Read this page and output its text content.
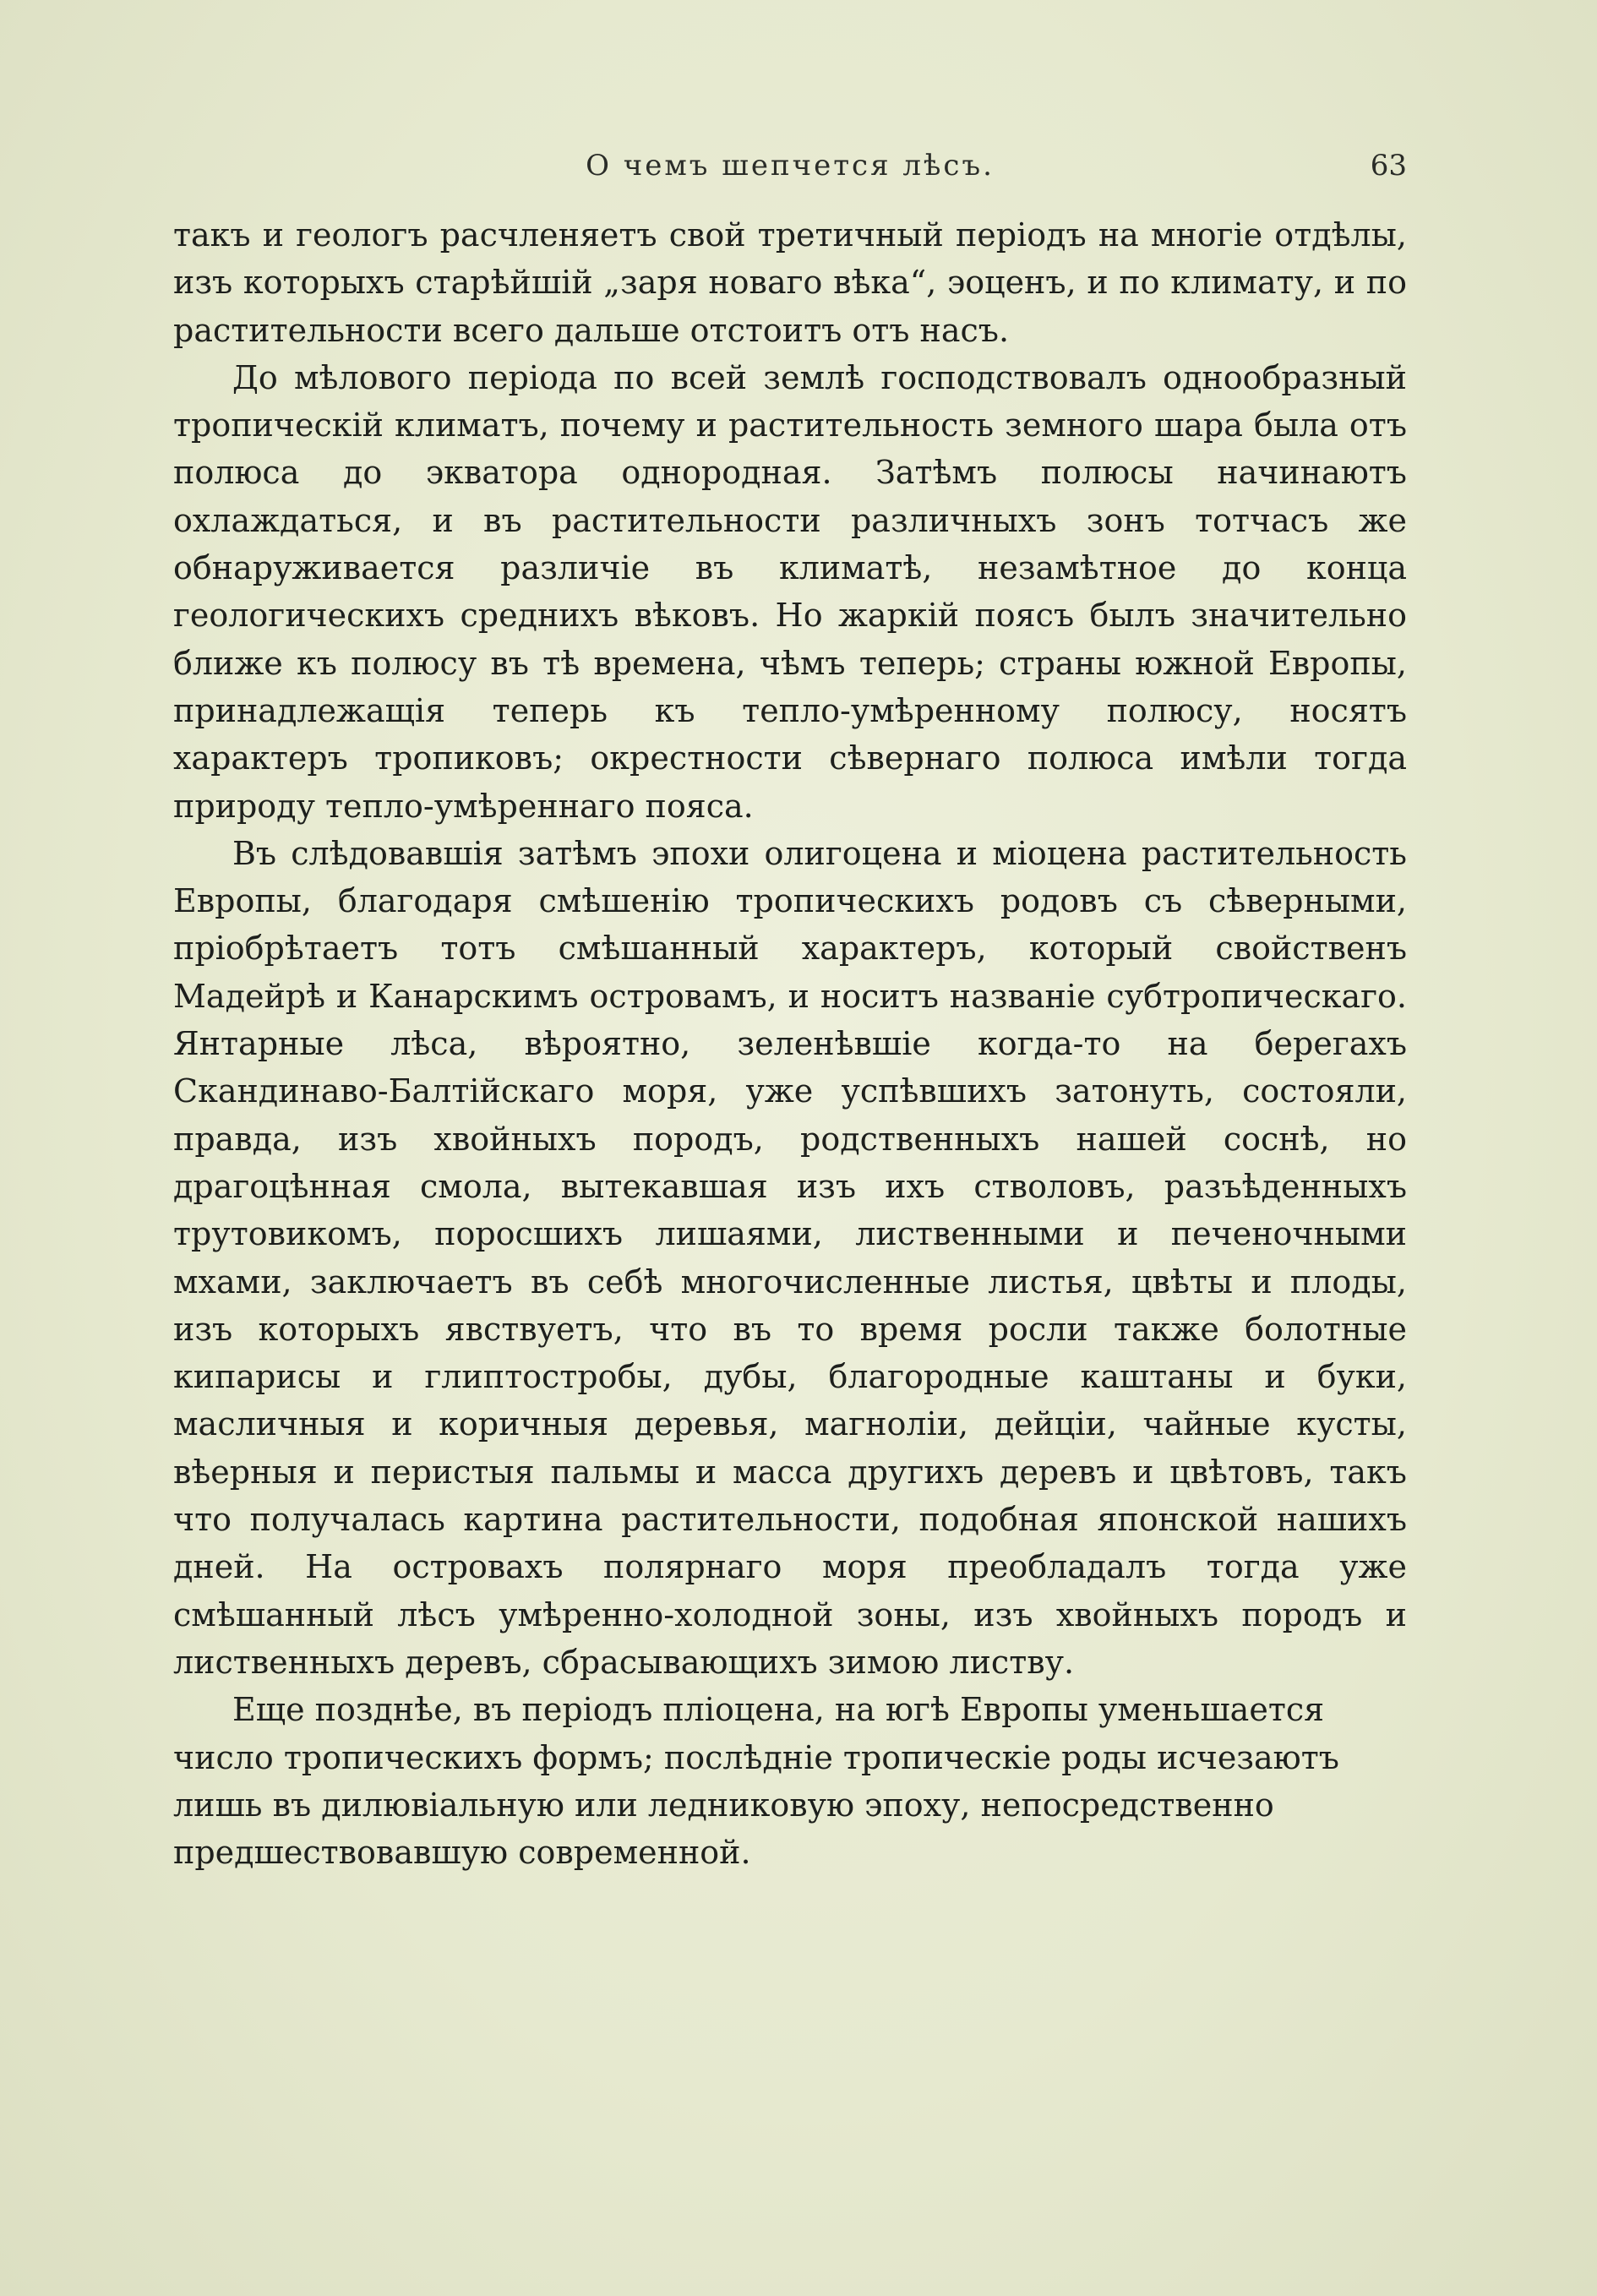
О чемъ шепчется лѣсъ.	63

такъ и геологъ расчленяетъ свой третичный періодъ на многіе отдѣлы, изъ которыхъ старѣйшій „заря новаго вѣка“, эоценъ, и по климату, и по растительности всего дальше отстоитъ отъ насъ.

До мѣлового періода по всей землѣ господствовалъ однообразный тропическій климатъ, почему и растительность земного шара была отъ полюса до экватора однородная. Затѣмъ полюсы начинаютъ охлаждаться, и въ растительности различныхъ зонъ тотчасъ же обнаруживается различіе въ климатѣ, незамѣтное до конца геологическихъ среднихъ вѣковъ. Но жаркій поясъ былъ значительно ближе къ полюсу въ тѣ времена, чѣмъ теперь; страны южной Европы, принадлежащія теперь къ тепло-умѣренному полюсу, носятъ характеръ тропиковъ; окрестности сѣвернаго полюса имѣли тогда природу тепло-умѣреннаго пояса.

Въ слѣдовавшія затѣмъ эпохи олигоцена и міоцена растительность Европы, благодаря смѣшенію тропическихъ родовъ съ сѣверными, пріобрѣтаетъ тотъ смѣшанный характеръ, который свойственъ Мадейрѣ и Канарскимъ островамъ, и носитъ названіе субтропическаго. Янтарные лѣса, вѣроятно, зеленѣвшіе когда-то на берегахъ Скандинаво-Балтійскаго моря, уже успѣвшихъ затонуть, состояли, правда, изъ хвойныхъ породъ, родственныхъ нашей соснѣ, но драгоцѣнная смола, вытекавшая изъ ихъ стволовъ, разъѣденныхъ трутовикомъ, поросшихъ лишаями, лиственными и печеночными мхами, заключаетъ въ себѣ многочисленные листья, цвѣты и плоды, изъ которыхъ явствуетъ, что въ то время росли также болотные кипарисы и глиптостробы, дубы, благородные каштаны и буки, масличныя и коричныя деревья, магноліи, дейціи, чайные кусты, вѣерныя и перистыя пальмы и масса другихъ деревъ и цвѣтовъ, такъ что получалась картина растительности, подобная японской нашихъ дней. На островахъ полярнаго моря преобладалъ тогда уже смѣшанный лѣсъ умѣренно-холодной зоны, изъ хвойныхъ породъ и лиственныхъ деревъ, сбрасывающихъ зимою листву.

Еще позднѣе, въ періодъ пліоцена, на югѣ Европы уменьшается число тропическихъ формъ; послѣдніе тропическіе роды исчезаютъ лишь въ дилювіальную или ледниковую эпоху, непосредственно предшествовавшую современной.
